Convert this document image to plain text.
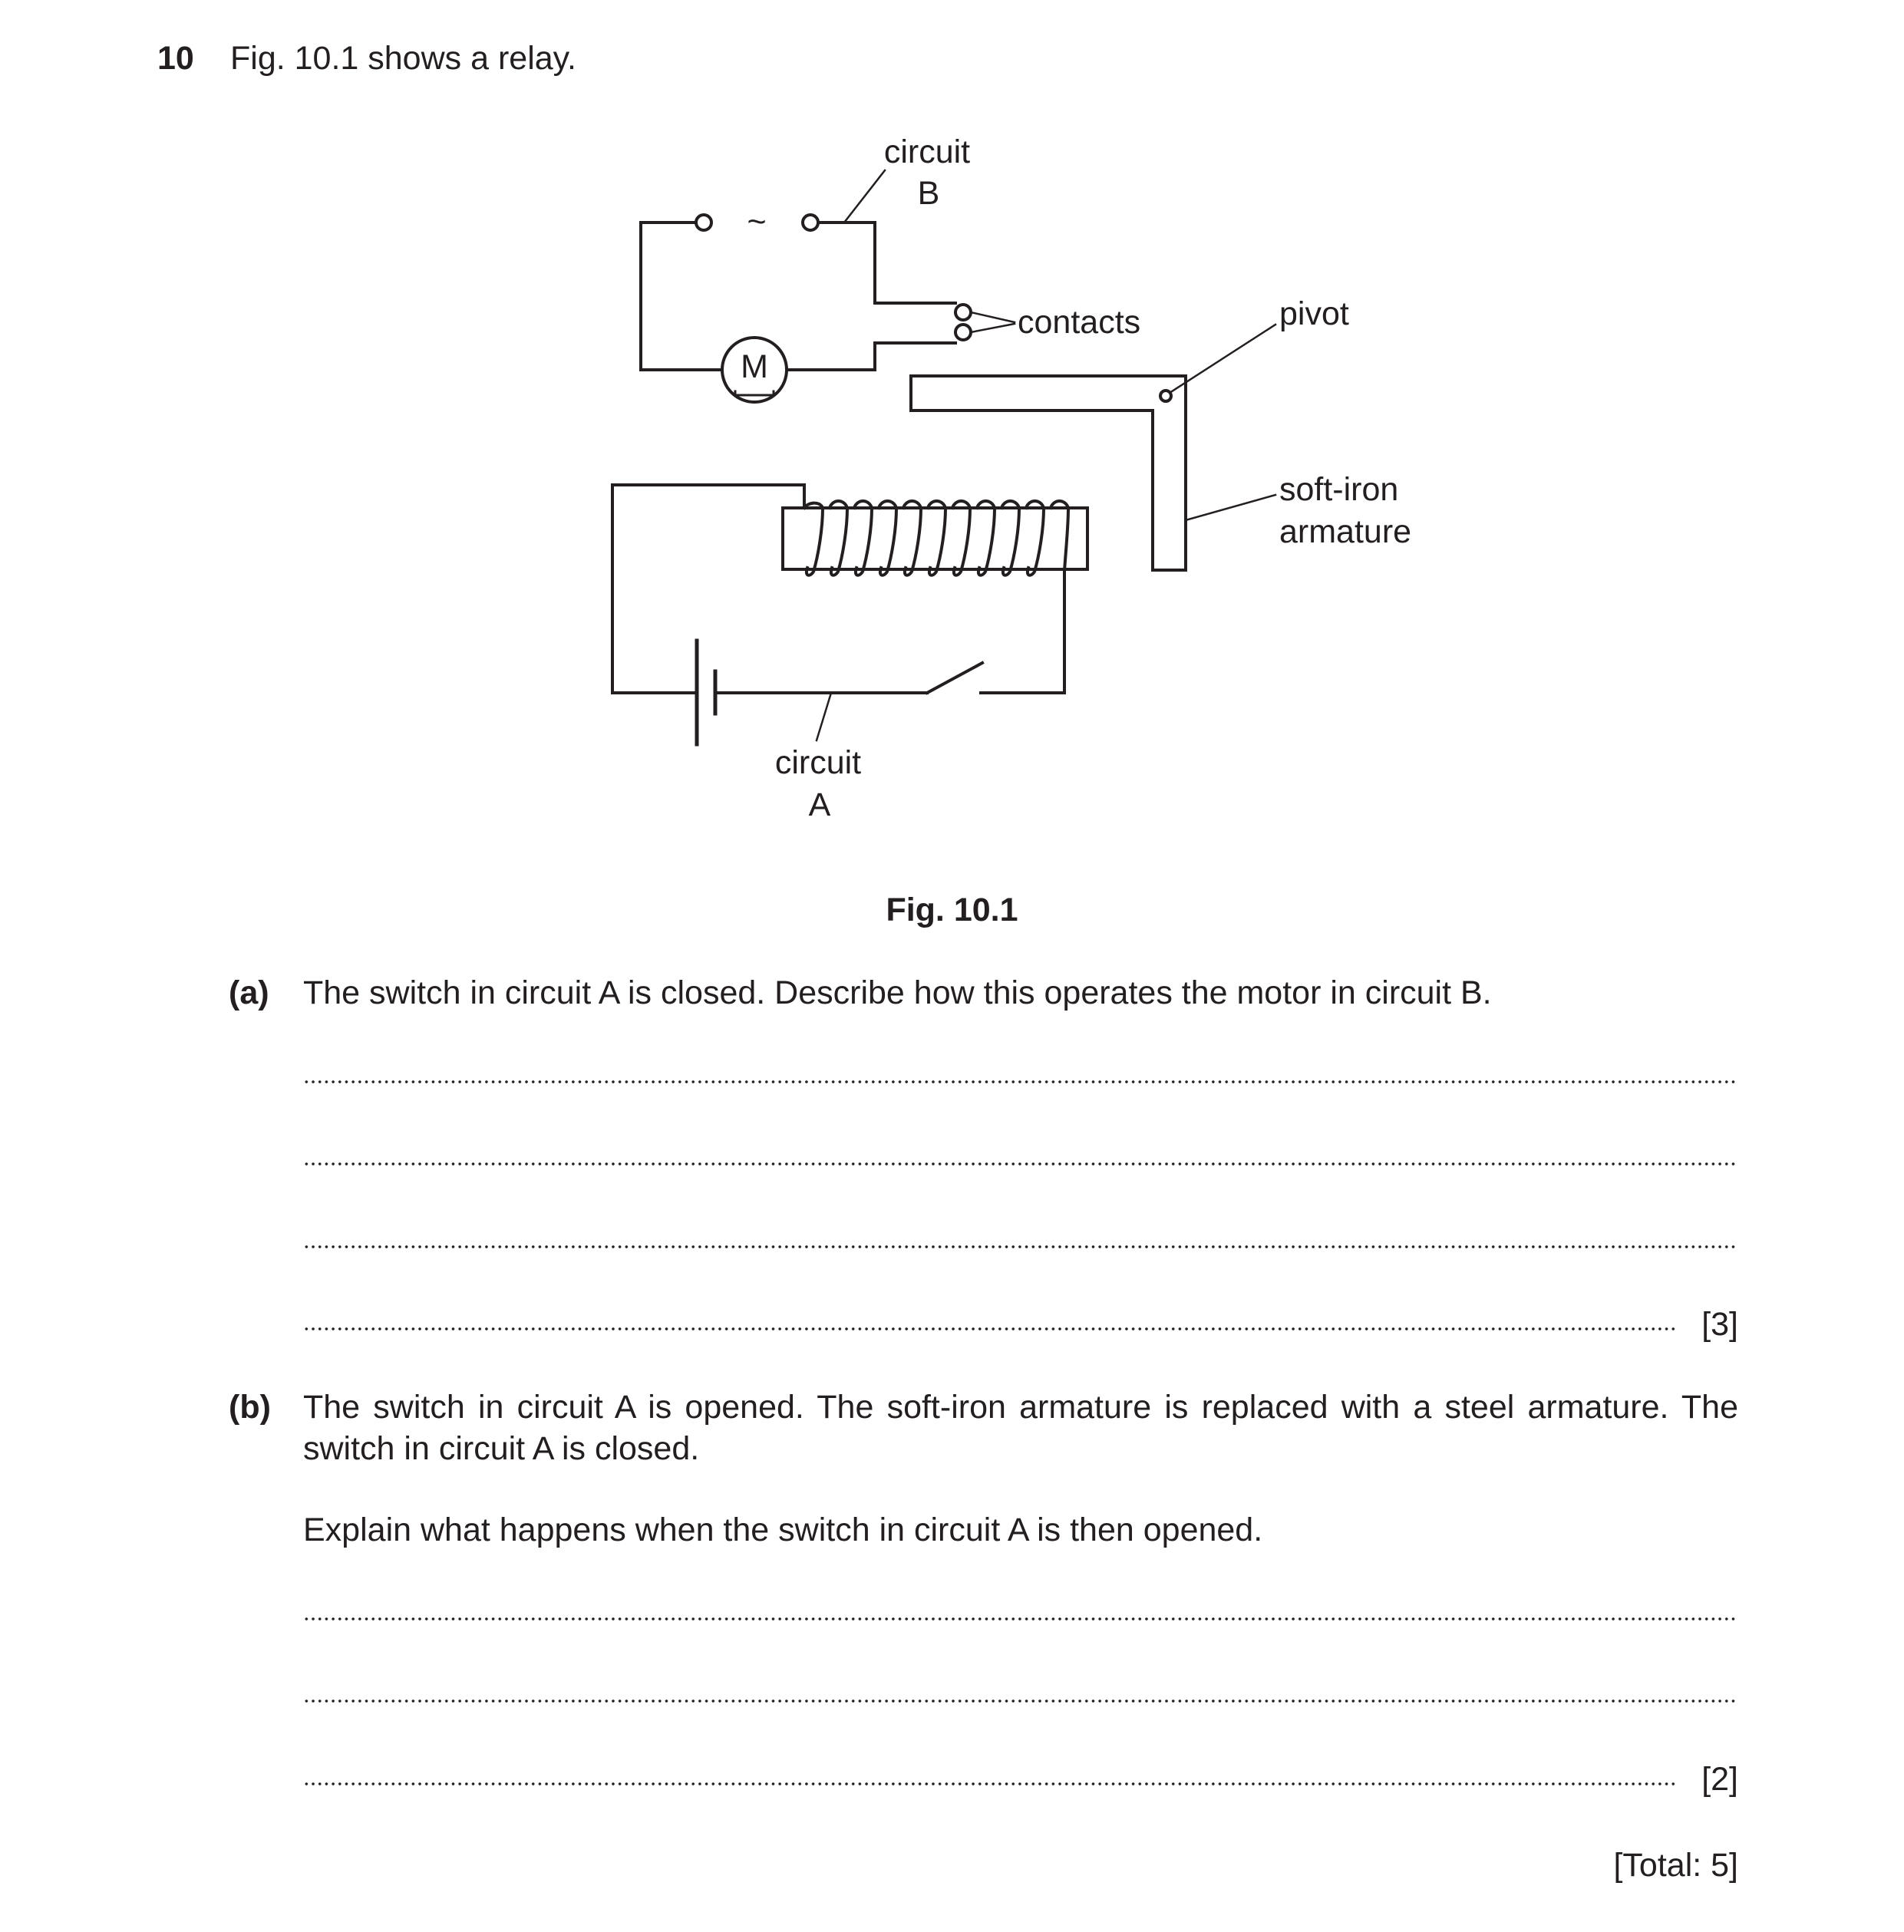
10 Fig. 10.1 shows a relay.
~
M
circuit
B
contacts	pivot
soft-iron
armature
circuit
A
Fig. 10.1
(a) The switch in circuit A is closed. Describe how this operates the motor in circuit B.
[3]
(b) The switch in circuit A is opened. The soft-iron armature is replaced with a steel armature. The switch in circuit A is closed.
Explain what happens when the switch in circuit A is then opened.
[2]
[Total: 5]
